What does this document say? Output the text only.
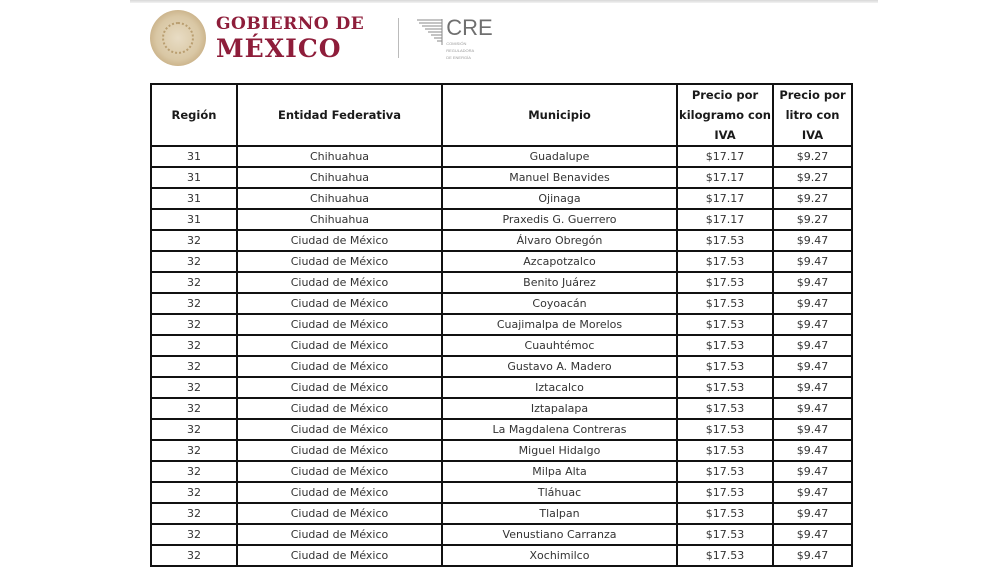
GOBIERNO DE
MÉXICO
CRE
COMISIÓN
REGULADORA
DE ENERGÍA
Región	Entidad Federativa	Municipio	Precio por kilogramo con IVA	Precio por litro con IVA
31	Chihuahua	Guadalupe	$17.17	$9.27
31	Chihuahua	Manuel Benavides	$17.17	$9.27
31	Chihuahua	Ojinaga	$17.17	$9.27
31	Chihuahua	Praxedis G. Guerrero	$17.17	$9.27
32	Ciudad de México	Álvaro Obregón	$17.53	$9.47
32	Ciudad de México	Azcapotzalco	$17.53	$9.47
32	Ciudad de México	Benito Juárez	$17.53	$9.47
32	Ciudad de México	Coyoacán	$17.53	$9.47
32	Ciudad de México	Cuajimalpa de Morelos	$17.53	$9.47
32	Ciudad de México	Cuauhtémoc	$17.53	$9.47
32	Ciudad de México	Gustavo A. Madero	$17.53	$9.47
32	Ciudad de México	Iztacalco	$17.53	$9.47
32	Ciudad de México	Iztapalapa	$17.53	$9.47
32	Ciudad de México	La Magdalena Contreras	$17.53	$9.47
32	Ciudad de México	Miguel Hidalgo	$17.53	$9.47
32	Ciudad de México	Milpa Alta	$17.53	$9.47
32	Ciudad de México	Tláhuac	$17.53	$9.47
32	Ciudad de México	Tlalpan	$17.53	$9.47
32	Ciudad de México	Venustiano Carranza	$17.53	$9.47
32	Ciudad de México	Xochimilco	$17.53	$9.47
